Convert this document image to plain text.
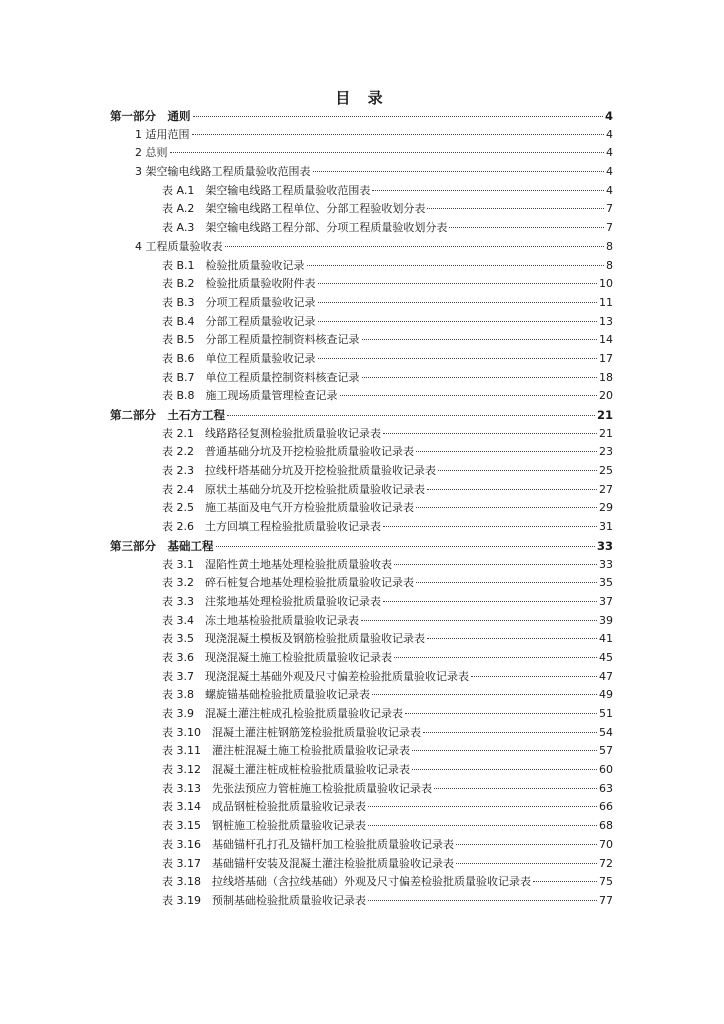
目 录
第一部分　通则	4
1 适用范围	4
2 总则	4
3 架空输电线路工程质量验收范围表	4
表 A.1　架空输电线路工程质量验收范围表	4
表 A.2　架空输电线路工程单位、分部工程验收划分表	7
表 A.3　架空输电线路工程分部、分项工程质量验收划分表	7
4 工程质量验收表	8
表 B.1　检验批质量验收记录	8
表 B.2　检验批质量验收附件表	10
表 B.3　分项工程质量验收记录	11
表 B.4　分部工程质量验收记录	13
表 B.5　分部工程质量控制资料核查记录	14
表 B.6　单位工程质量验收记录	17
表 B.7　单位工程质量控制资料核查记录	18
表 B.8　施工现场质量管理检查记录	20
第二部分　土石方工程	21
表 2.1　线路路径复测检验批质量验收记录表	21
表 2.2　普通基础分坑及开挖检验批质量验收记录表	23
表 2.3　拉线杆塔基础分坑及开挖检验批质量验收记录表	25
表 2.4　原状土基础分坑及开挖检验批质量验收记录表	27
表 2.5　施工基面及电气开方检验批质量验收记录表	29
表 2.6　土方回填工程检验批质量验收记录表	31
第三部分　基础工程	33
表 3.1　湿陷性黄土地基处理检验批质量验收表	33
表 3.2　碎石桩复合地基处理检验批质量验收记录表	35
表 3.3　注浆地基处理检验批质量验收记录表	37
表 3.4　冻土地基检验批质量验收记录表	39
表 3.5　现浇混凝土模板及钢筋检验批质量验收记录表	41
表 3.6　现浇混凝土施工检验批质量验收记录表	45
表 3.7　现浇混凝土基础外观及尺寸偏差检验批质量验收记录表	47
表 3.8　螺旋锚基础检验批质量验收记录表	49
表 3.9　混凝土灌注桩成孔检验批质量验收记录表	51
表 3.10　混凝土灌注桩钢筋笼检验批质量验收记录表	54
表 3.11　灌注桩混凝土施工检验批质量验收记录表	57
表 3.12　混凝土灌注桩成桩检验批质量验收记录表	60
表 3.13　先张法预应力管桩施工检验批质量验收记录表	63
表 3.14　成品钢桩检验批质量验收记录表	66
表 3.15　钢桩施工检验批质量验收记录表	68
表 3.16　基础锚杆孔打孔及锚杆加工检验批质量验收记录表	70
表 3.17　基础锚杆安装及混凝土灌注检验批质量验收记录表	72
表 3.18　拉线塔基础（含拉线基础）外观及尺寸偏差检验批质量验收记录表	75
表 3.19　预制基础检验批质量验收记录表	77
